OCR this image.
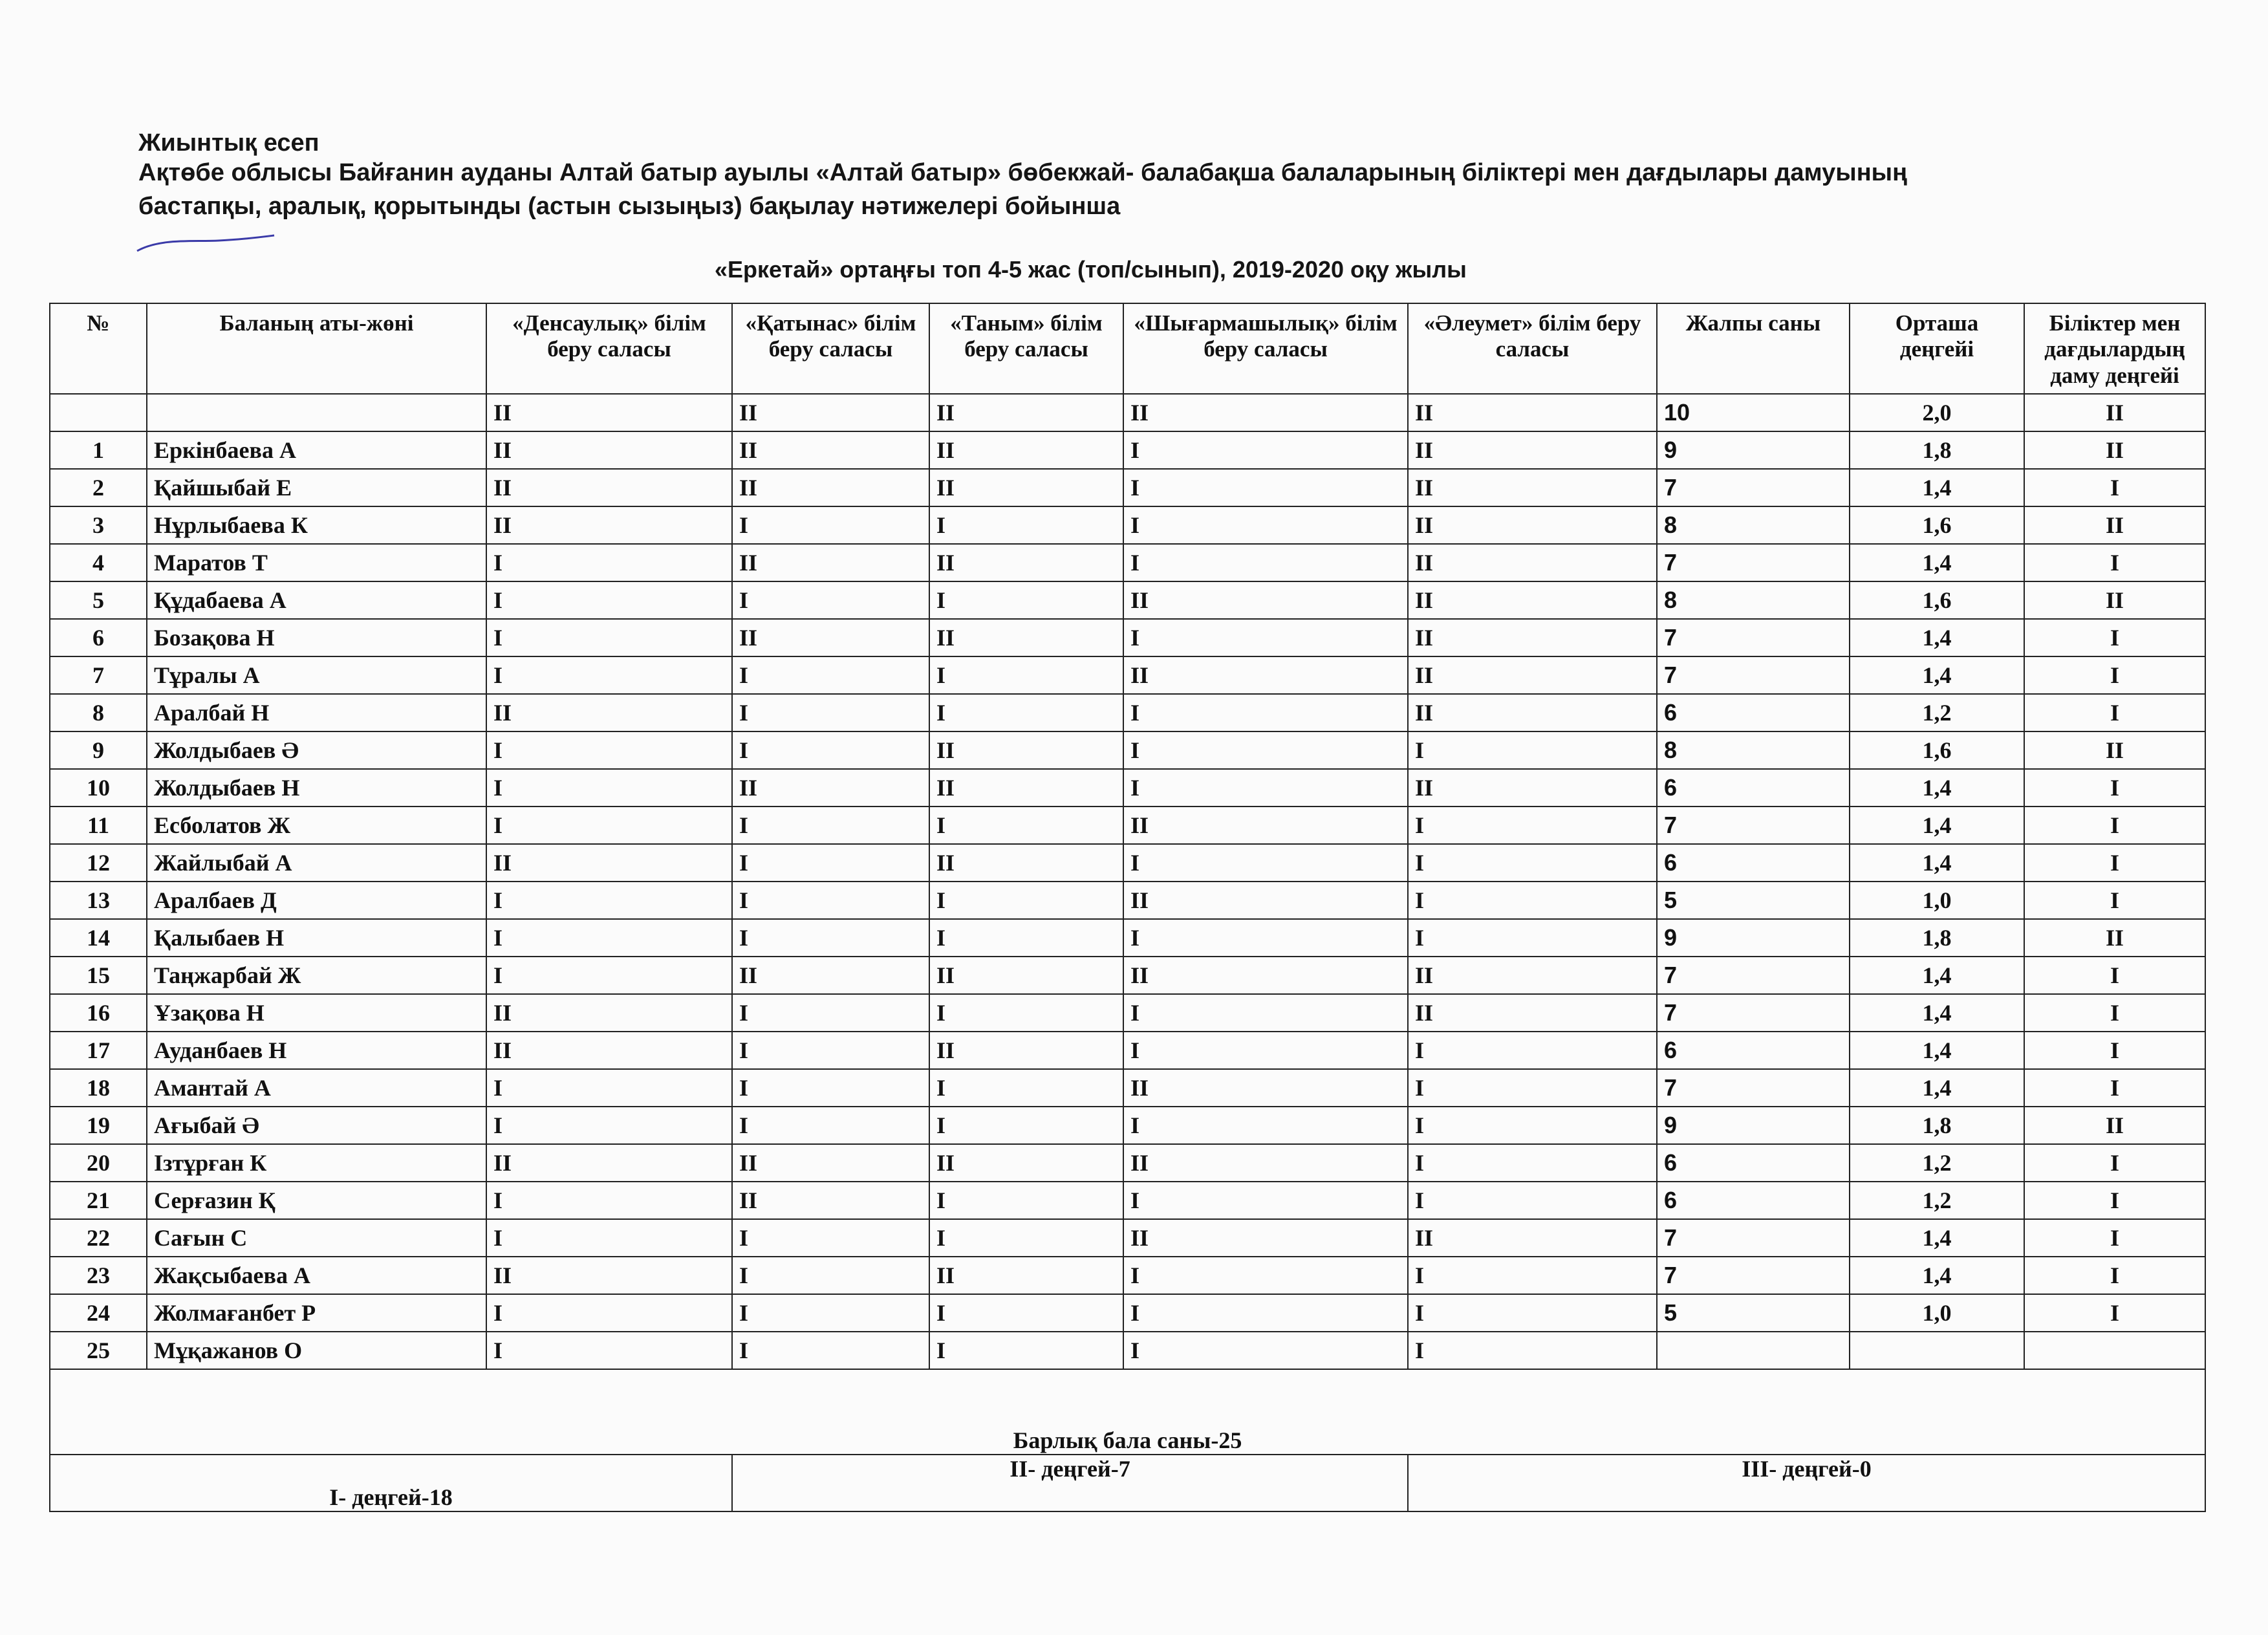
Жиынтық есеп
Ақтөбе облысы Байғанин ауданы Алтай батыр ауылы «Алтай батыр» бөбекжай- балабақша балаларының біліктері мен дағдылары дамуының
бастапқы, аралық, қорытынды (астын сызыңыз) бақылау нәтижелері бойынша
«Еркетай» ортаңғы топ 4-5 жас (топ/сынып), 2019-2020 оқу жылы
№	Баланың аты-жөні	«Денсаулық» білім беру саласы	«Қатынас» білім беру саласы	«Таным» білім беру саласы	«Шығармашылық» білім беру саласы	«Әлеумет» білім беру саласы	Жалпы саны	Орташа деңгейі	Біліктер мен дағдылардың даму деңгейі
		II	II	II	II	II	10	2,0	II
1	Еркінбаева А	II	II	II	I	II	9	1,8	II
2	Қайшыбай Е	II	II	II	I	II	7	1,4	I
3	Нұрлыбаева К	II	I	I	I	II	8	1,6	II
4	Маратов Т	I	II	II	I	II	7	1,4	I
5	Құдабаева А	I	I	I	II	II	8	1,6	II
6	Бозақова Н	I	II	II	I	II	7	1,4	I
7	Тұралы А	I	I	I	II	II	7	1,4	I
8	Аралбай Н	II	I	I	I	II	6	1,2	I
9	Жолдыбаев Ә	I	I	II	I	I	8	1,6	II
10	Жолдыбаев Н	I	II	II	I	II	6	1,4	I
11	Есболатов Ж	I	I	I	II	I	7	1,4	I
12	Жайлыбай А	II	I	II	I	I	6	1,4	I
13	Аралбаев Д	I	I	I	II	I	5	1,0	I
14	Қалыбаев Н	I	I	I	I	I	9	1,8	II
15	Таңжарбай Ж	I	II	II	II	II	7	1,4	I
16	Ұзақова Н	II	I	I	I	II	7	1,4	I
17	Ауданбаев Н	II	I	II	I	I	6	1,4	I
18	Амантай А	I	I	I	II	I	7	1,4	I
19	Ағыбай Ә	I	I	I	I	I	9	1,8	II
20	Ізтұрған К	II	II	II	II	I	6	1,2	I
21	Серғазин Қ	I	II	I	I	I	6	1,2	I
22	Сағын С	I	I	I	II	II	7	1,4	I
23	Жақсыбаева А	II	I	II	I	I	7	1,4	I
24	Жолмағанбет Р	I	I	I	I	I	5	1,0	I
25	Мұқажанов О	I	I	I	I	I			
Барлық бала саны-25									
I- деңгей-18			II- деңгей-7			III- деңгей-0			
